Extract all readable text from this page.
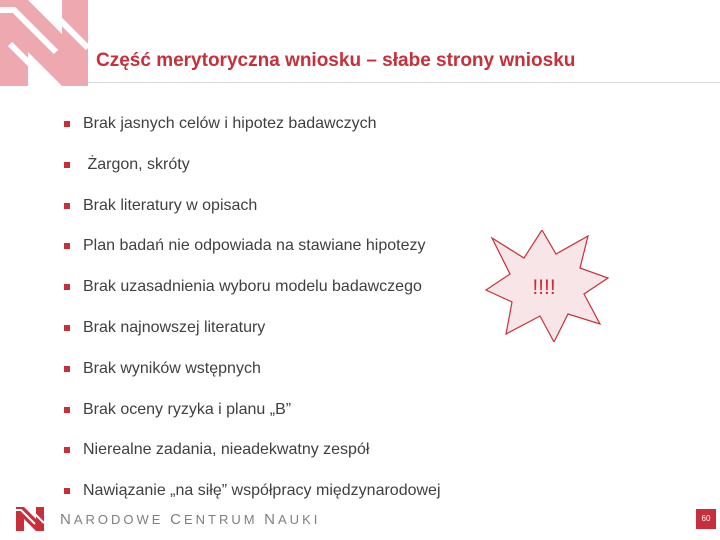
Część merytoryczna wniosku – słabe strony wniosku
Brak jasnych celów i hipotez badawczych
Żargon, skróty
Brak literatury w opisach
Plan badań nie odpowiada na stawiane hipotezy
Brak uzasadnienia wyboru modelu badawczego
Brak najnowszej literatury
Brak wyników wstępnych
Brak oceny ryzyka i planu „B”
Nierealne zadania, nieadekwatny zespół
Nawiązanie „na siłę” współpracy międzynarodowej
!!!!
NARODOWE CENTRUM NAUKI	60
